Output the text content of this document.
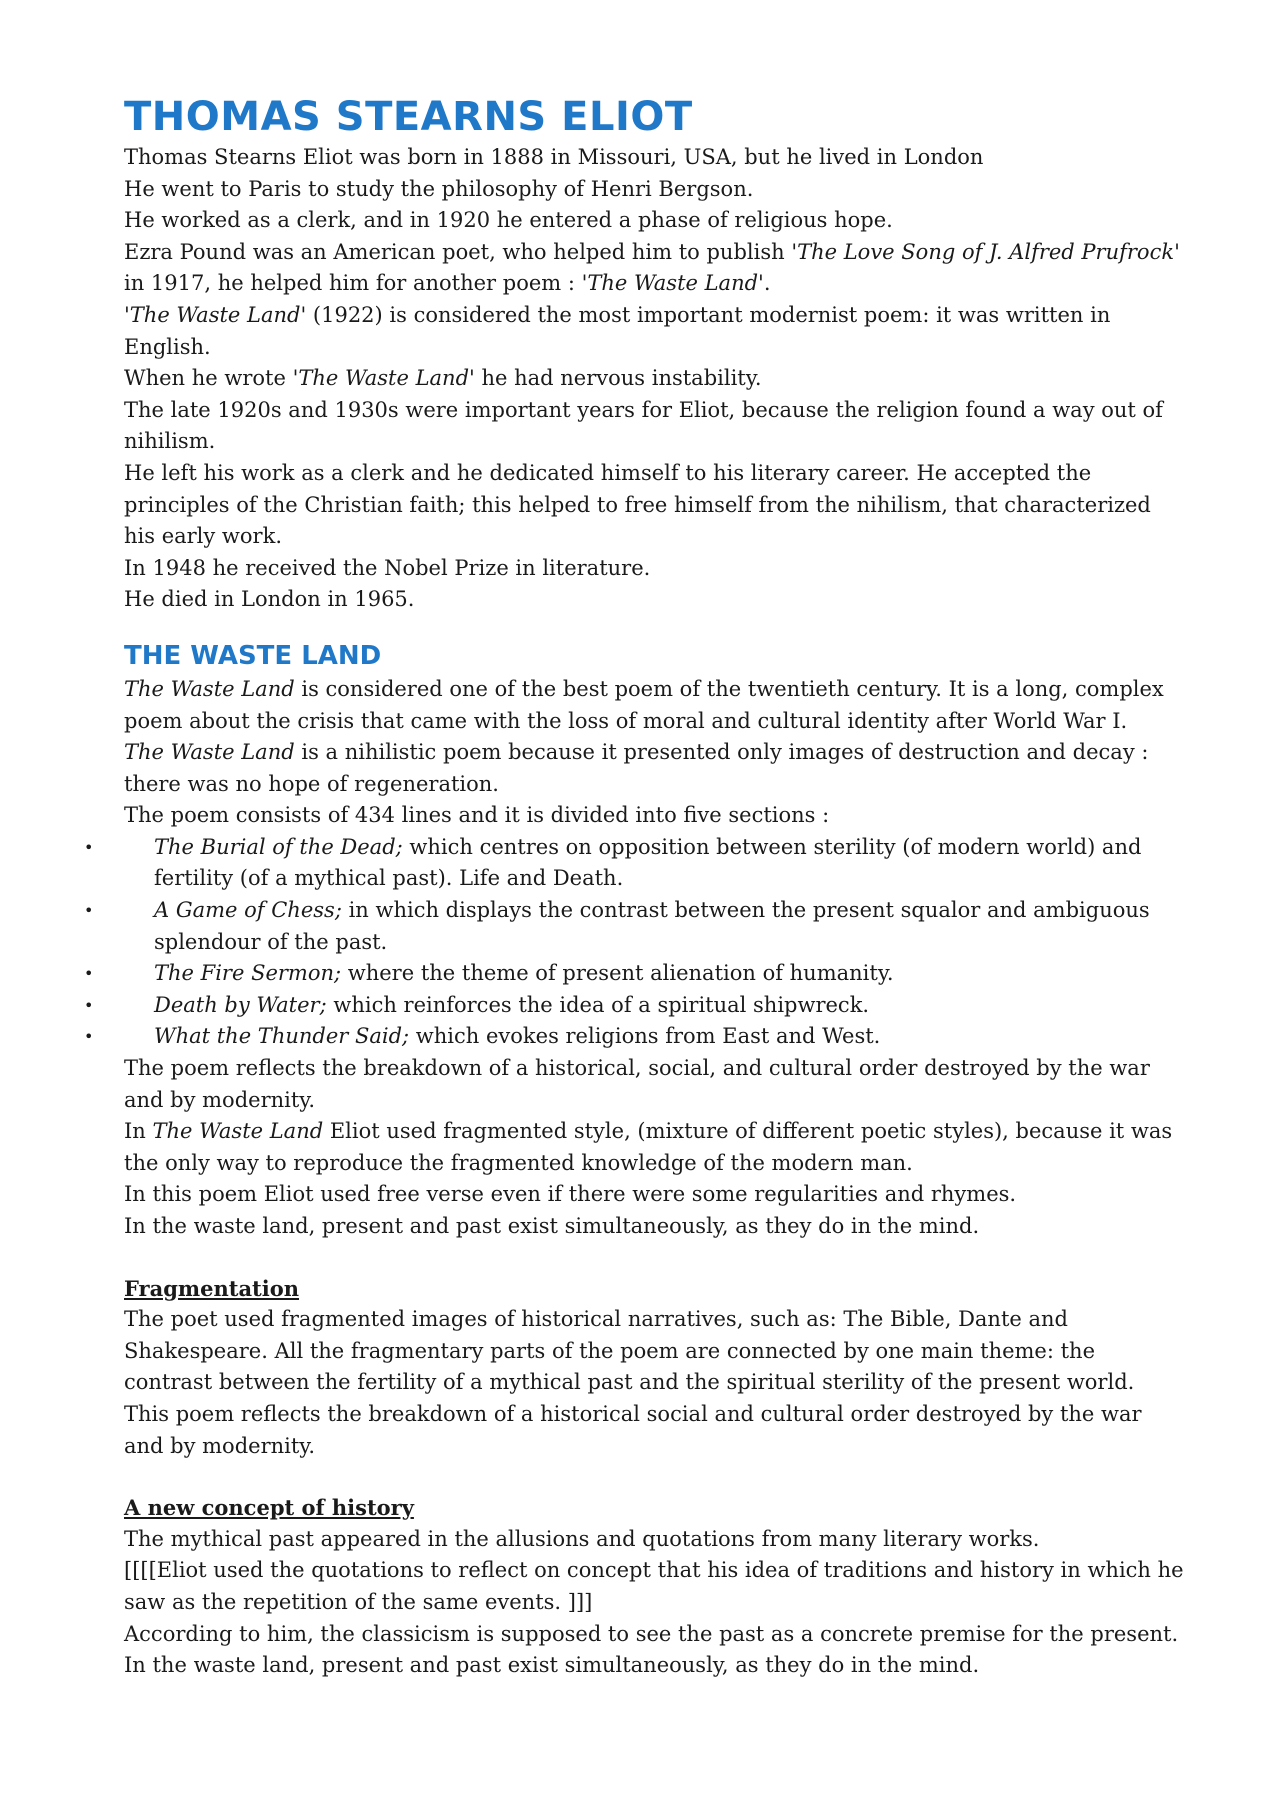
THOMAS STEARNS ELIOT

Thomas Stearns Eliot was born in 1888 in Missouri, USA, but he lived in London

He went to Paris to study the philosophy of Henri Bergson.

He worked as a clerk, and in 1920 he entered a phase of religious hope.

Ezra Pound was an American poet, who helped him to publish 'The Love Song of J. Alfred Prufrock' in 1917, he helped him for another poem : 'The Waste Land'.

'The Waste Land' (1922) is considered the most important modernist poem: it was written in English.

When he wrote 'The Waste Land' he had nervous instability.

The late 1920s and 1930s were important years for Eliot, because the religion found a way out of nihilism.

He left his work as a clerk and he dedicated himself to his literary career. He accepted the principles of the Christian faith; this helped to free himself from the nihilism, that characterized his early work.

In 1948 he received the Nobel Prize in literature.

He died in London in 1965.

THE WASTE LAND

The Waste Land is considered one of the best poem of the twentieth century. It is a long, complex poem about the crisis that came with the loss of moral and cultural identity after World War I.

The Waste Land is a nihilistic poem because it presented only images of destruction and decay : there was no hope of regeneration.

The poem consists of 434 lines and it is divided into five sections :

•	The Burial of the Dead; which centres on opposition between sterility (of modern world) and fertility (of a mythical past). Life and Death.
•	A Game of Chess; in which displays the contrast between the present squalor and ambiguous splendour of the past.
•	The Fire Sermon; where the theme of present alienation of humanity.
•	Death by Water; which reinforces the idea of a spiritual shipwreck.
•	What the Thunder Said; which evokes religions from East and West.

The poem reflects the breakdown of a historical, social, and cultural order destroyed by the war and by modernity.

In The Waste Land Eliot used fragmented style, (mixture of different poetic styles), because it was the only way to reproduce the fragmented knowledge of the modern man.

In this poem Eliot used free verse even if there were some regularities and rhymes.

In the waste land, present and past exist simultaneously, as they do in the mind.

Fragmentation

The poet used fragmented images of historical narratives, such as: The Bible, Dante and Shakespeare. All the fragmentary parts of the poem are connected by one main theme: the contrast between the fertility of a mythical past and the spiritual sterility of the present world. This poem reflects the breakdown of a historical social and cultural order destroyed by the war and by modernity.

A new concept of history

The mythical past appeared in the allusions and quotations from many literary works.

[[[[Eliot used the quotations to reflect on concept that his idea of traditions and history in which he saw as the repetition of the same events. ]]]

According to him, the classicism is supposed to see the past as a concrete premise for the present.

In the waste land, present and past exist simultaneously, as they do in the mind.
